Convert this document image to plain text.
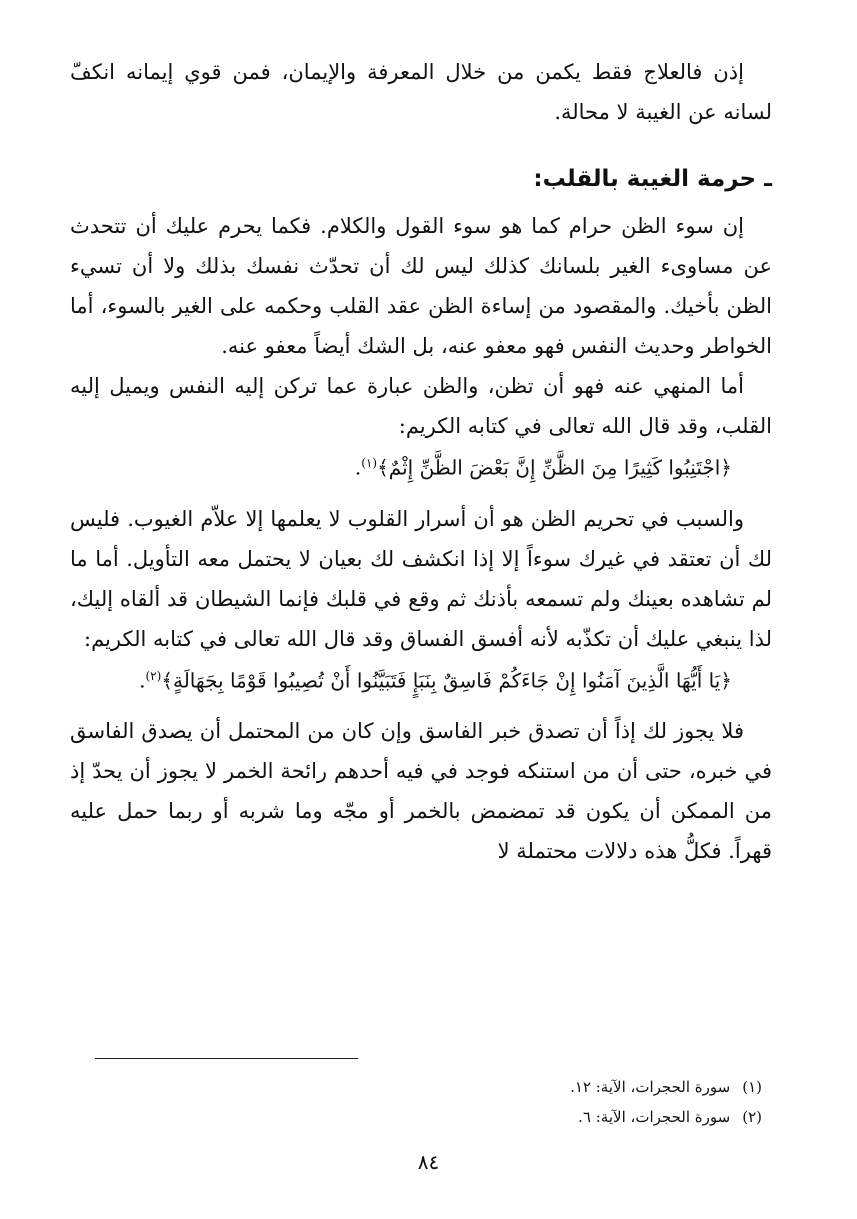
إذن فالعلاج فقط يكمن من خلال المعرفة والإيمان، فمن قوي إيمانه انكفّ لسانه عن الغيبة لا محالة.

ـ حرمة الغيبة بالقلب:

إن سوء الظن حرام كما هو سوء القول والكلام. فكما يحرم عليك أن تتحدث عن مساوىء الغير بلسانك كذلك ليس لك أن تحدّث نفسك بذلك ولا أن تسيء الظن بأخيك. والمقصود من إساءة الظن عقد القلب وحكمه على الغير بالسوء، أما الخواطر وحديث النفس فهو معفو عنه، بل الشك أيضاً معفو عنه.

أما المنهي عنه فهو أن تظن، والظن عبارة عما تركن إليه النفس ويميل إليه القلب، وقد قال الله تعالى في كتابه الكريم:

﴿اجْتَنِبُوا كَثِيرًا مِنَ الظَّنِّ إِنَّ بَعْضَ الظَّنِّ إِثْمٌ﴾$^{(١)}$.

والسبب في تحريم الظن هو أن أسرار القلوب لا يعلمها إلا علاّم الغيوب. فليس لك أن تعتقد في غيرك سوءاً إلا إذا انكشف لك بعيان لا يحتمل معه التأويل. أما ما لم تشاهده بعينك ولم تسمعه بأذنك ثم وقع في قلبك فإنما الشيطان قد ألقاه إليك، لذا ينبغي عليك أن تكذّبه لأنه أفسق الفساق وقد قال الله تعالى في كتابه الكريم:

﴿يَا أَيُّهَا الَّذِينَ آمَنُوا إِنْ جَاءَكُمْ فَاسِقٌ بِنَبَإٍ فَتَبَيَّنُوا أَنْ تُصِيبُوا قَوْمًا بِجَهَالَةٍ﴾$^{(٢)}$.

فلا يجوز لك إذاً أن تصدق خبر الفاسق وإن كان من المحتمل أن يصدق الفاسق في خبره، حتى أن من استنكه فوجد في فيه أحدهم رائحة الخمر لا يجوز أن يحدّ إذ من الممكن أن يكون قد تمضمض بالخمر أو مجّه وما شربه أو ربما حمل عليه قهراً. فكلُّ هذه دلالات محتملة لا

(١)سورة الحجرات، الآية: ١٢.
(٢)سورة الحجرات، الآية: ٦.
٨٤
